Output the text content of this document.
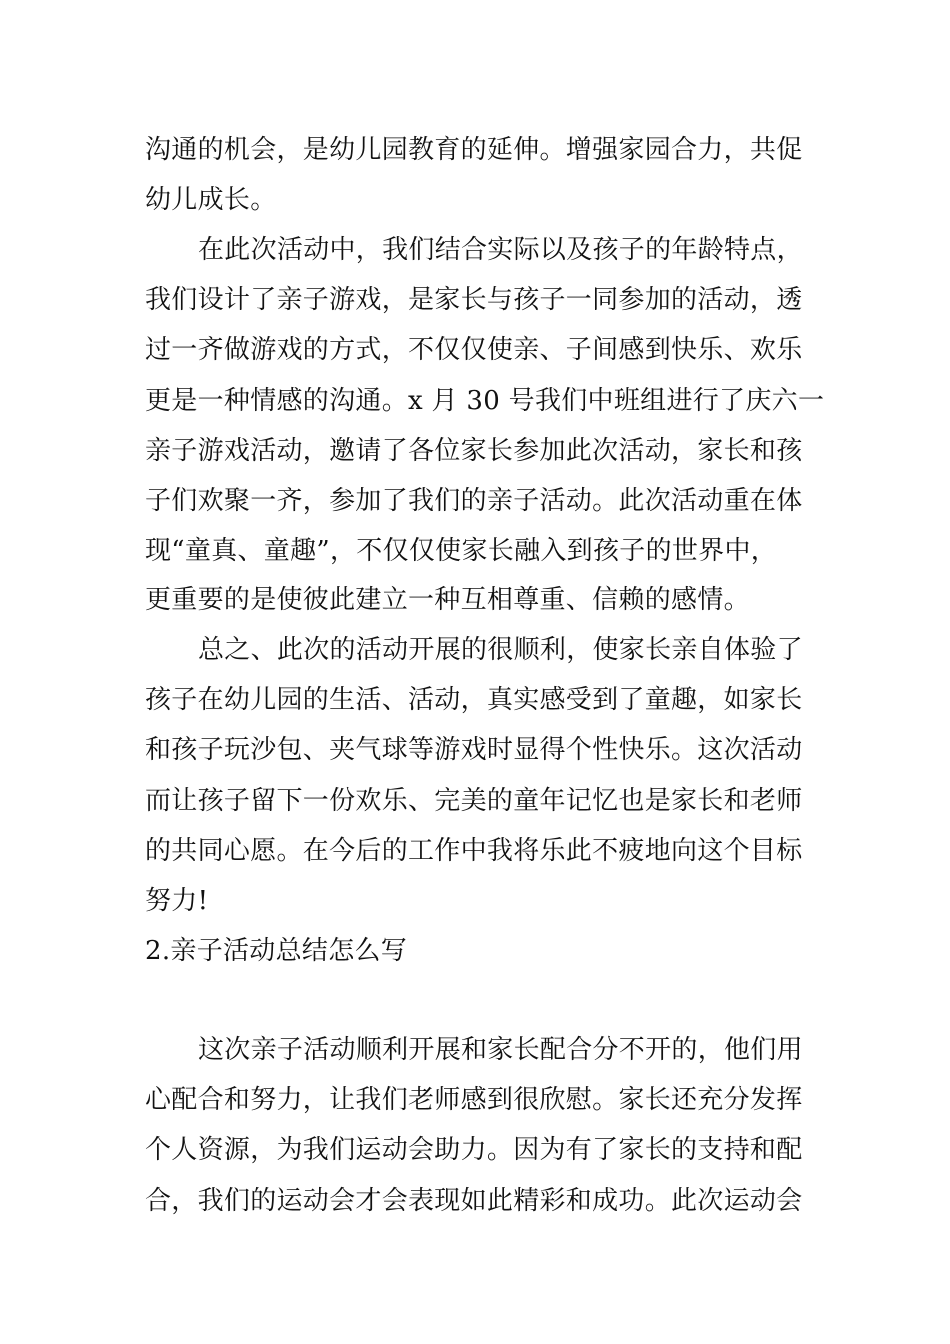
沟通的机会，是幼儿园教育的延伸。增强家园合力，共促
幼儿成长。
在此次活动中，我们结合实际以及孩子的年龄特点，
我们设计了亲子游戏，是家长与孩子一同参加的活动，透
过一齐做游戏的方式，不仅仅使亲、子间感到快乐、欢乐
更是一种情感的沟通。x 月 30 号我们中班组进行了庆六一
亲子游戏活动，邀请了各位家长参加此次活动，家长和孩
子们欢聚一齐，参加了我们的亲子活动。此次活动重在体
现“童真、童趣”，不仅仅使家长融入到孩子的世界中，
更重要的是使彼此建立一种互相尊重、信赖的感情。
总之、此次的活动开展的很顺利，使家长亲自体验了
孩子在幼儿园的生活、活动，真实感受到了童趣，如家长
和孩子玩沙包、夹气球等游戏时显得个性快乐。这次活动
而让孩子留下一份欢乐、完美的童年记忆也是家长和老师
的共同心愿。在今后的工作中我将乐此不疲地向这个目标
努力!
2.亲子活动总结怎么写
这次亲子活动顺利开展和家长配合分不开的，他们用
心配合和努力，让我们老师感到很欣慰。家长还充分发挥
个人资源，为我们运动会助力。因为有了家长的支持和配
合，我们的运动会才会表现如此精彩和成功。此次运动会
